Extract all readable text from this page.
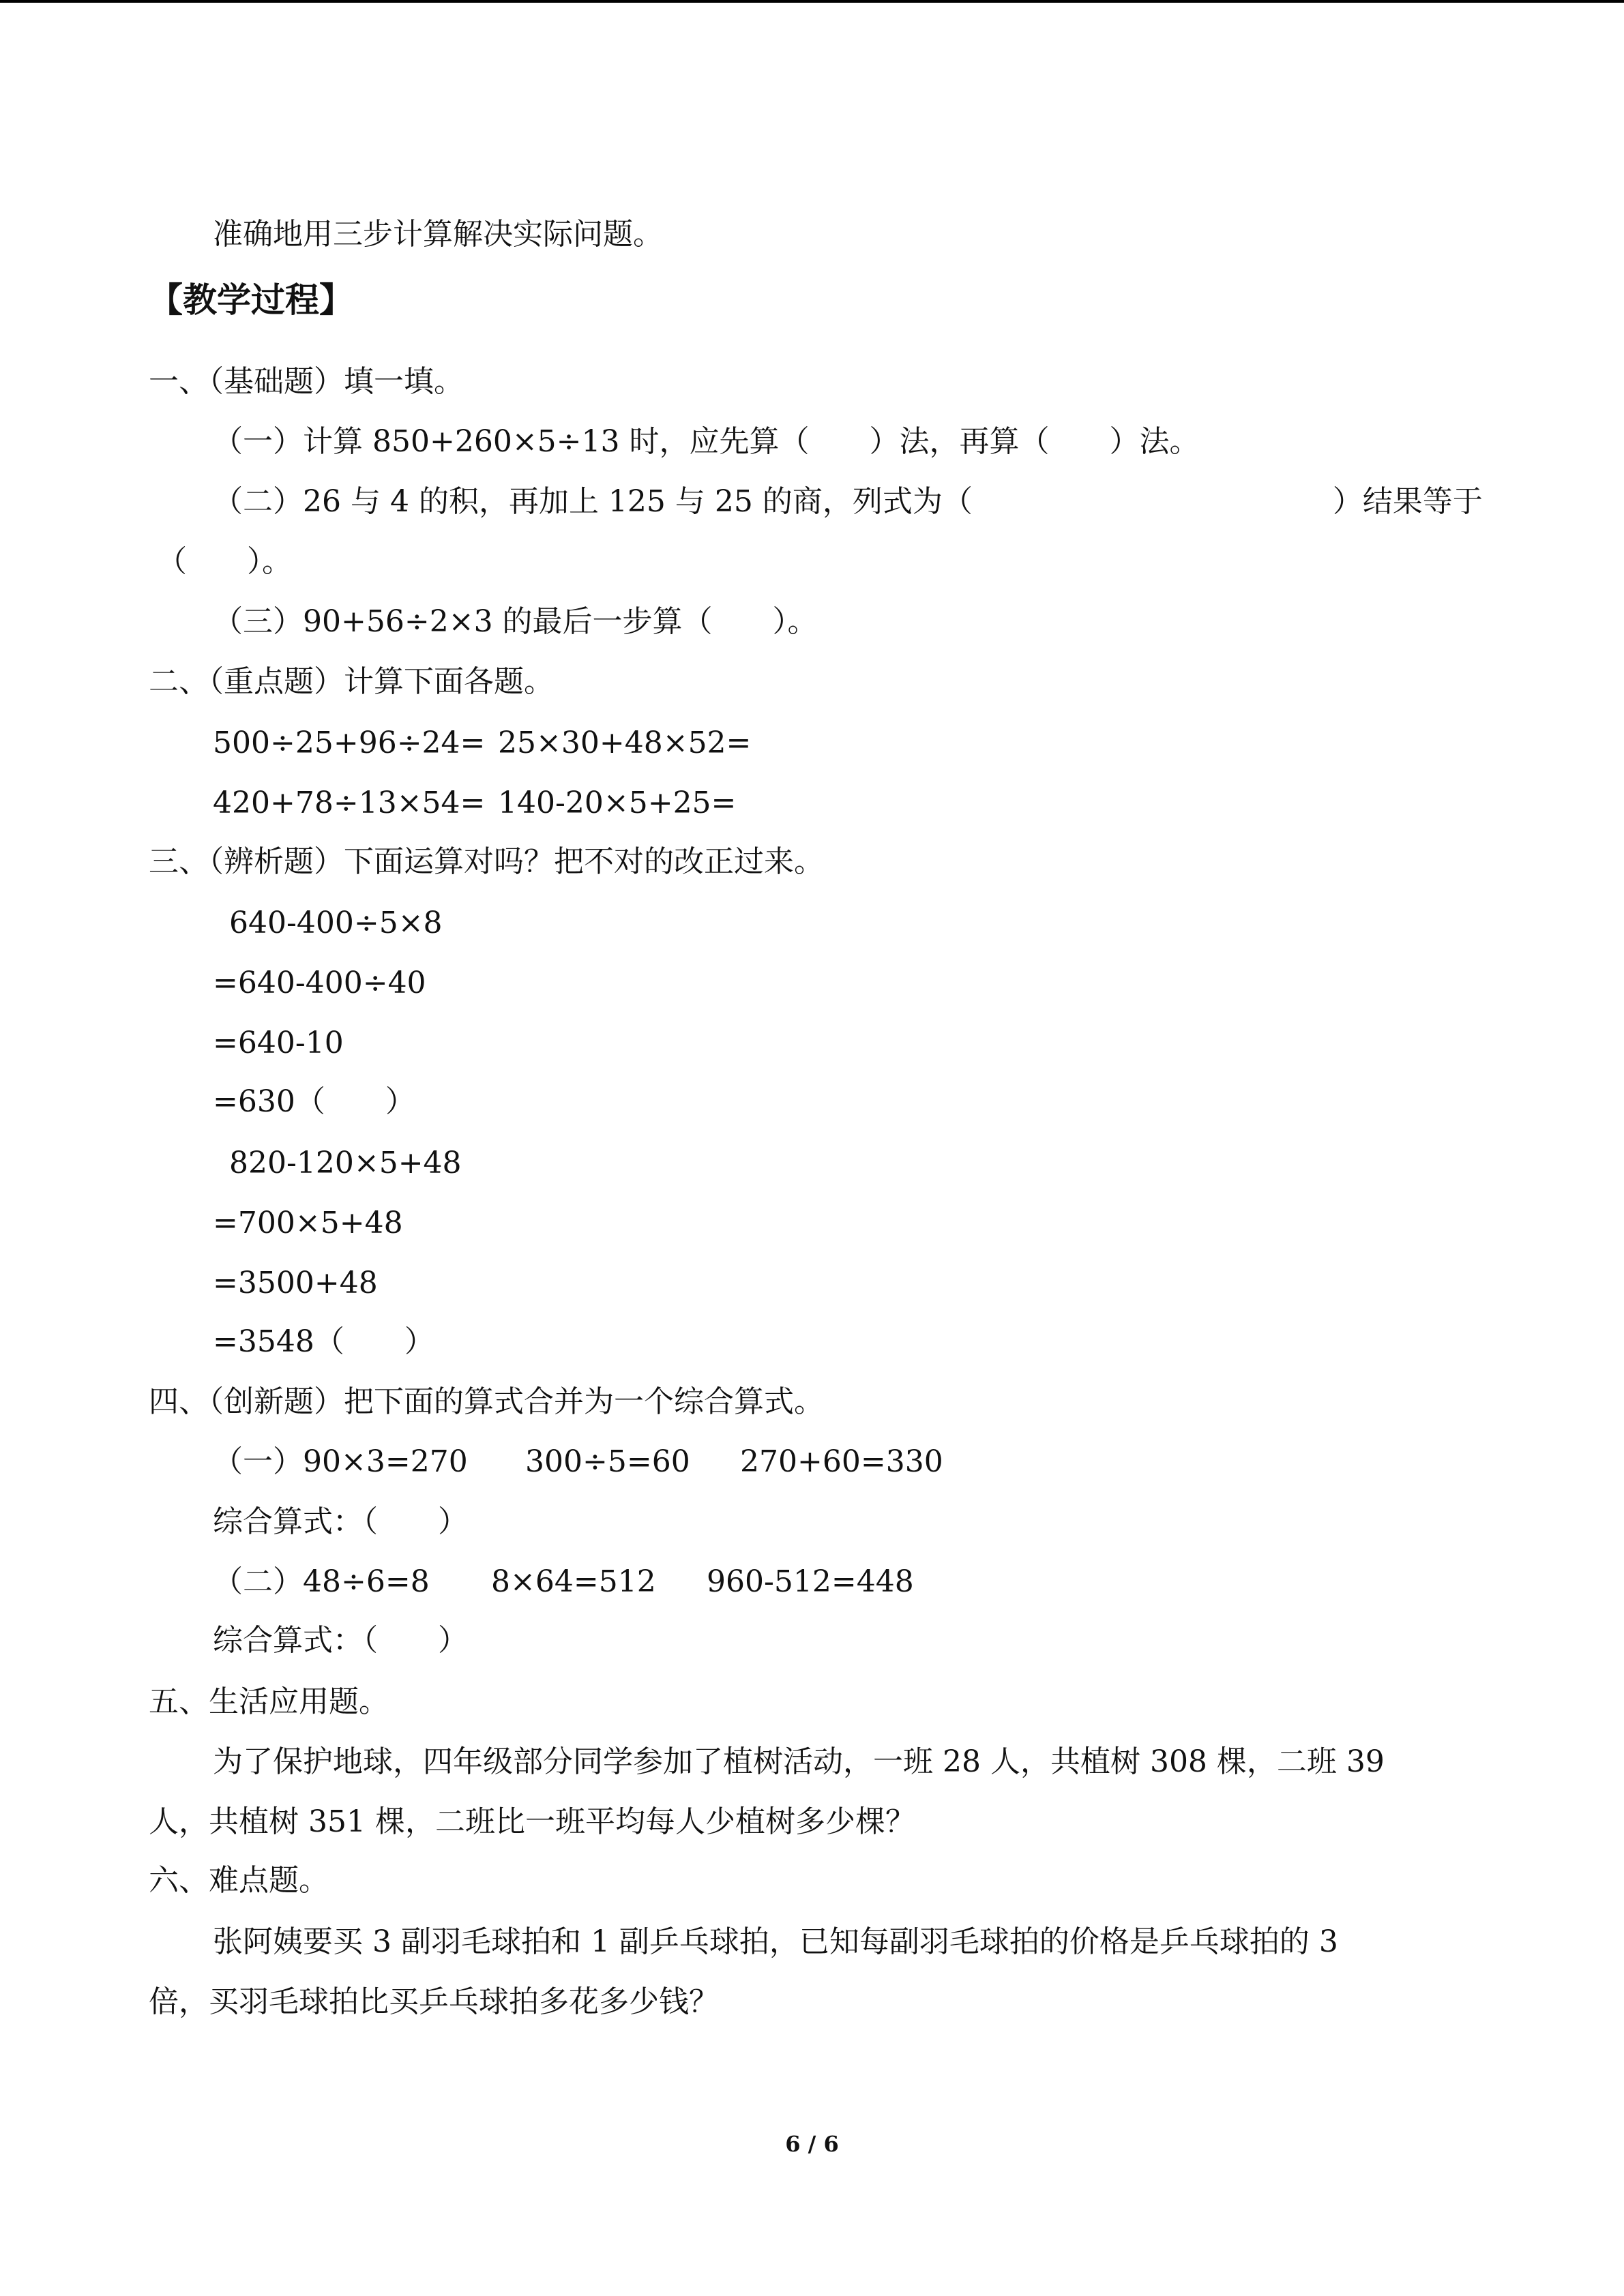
准确地用三步计算解决实际问题。
【教学过程】
一、（基础题）填一填。
（一）计算 850+260×5÷13 时，应先算（　　）法，再算（　　）法。
（二）26 与 4 的积，再加上 125 与 25 的商，列式为（　　　　　　　　　　　　）结果等于
（　　）。
（三）90+56÷2×3 的最后一步算（　　）。
二、（重点题）计算下面各题。
500÷25+96÷24= 25×30+48×52=
420+78÷13×54= 140-20×5+25=
三、（辨析题）下面运算对吗？把不对的改正过来。
640-400÷5×8
=640-400÷40
=640-10
=630（　　）
820-120×5+48
=700×5+48
=3500+48
=3548（　　）
四、（创新题）把下面的算式合并为一个综合算式。
（一）90×3=270 300÷5=60 270+60=330
综合算式：（　　）
（二）48÷6=8 8×64=512 960-512=448
综合算式：（　　）
五、生活应用题。
为了保护地球，四年级部分同学参加了植树活动，一班 28 人，共植树 308 棵，二班 39
人，共植树 351 棵，二班比一班平均每人少植树多少棵？
六、难点题。
张阿姨要买 3 副羽毛球拍和 1 副乒乓球拍，已知每副羽毛球拍的价格是乒乓球拍的 3
倍，买羽毛球拍比买乒乓球拍多花多少钱？
6 / 6
